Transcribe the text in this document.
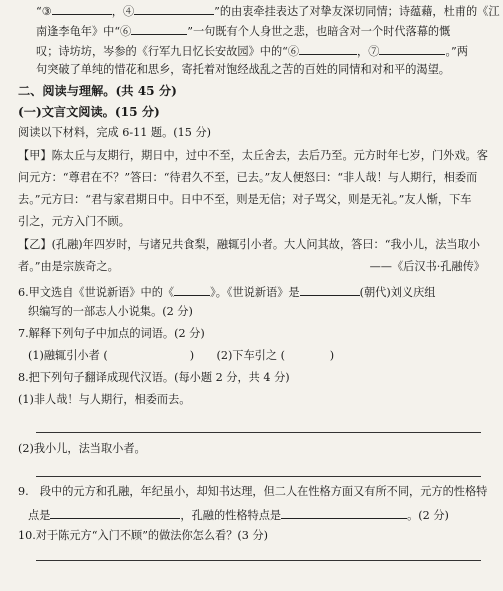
“③	，④	”的由衷牵挂表达了对挚友深切同情；诗蕴藉，杜甫的《江
南逢李龟年》中“⑥	”一句既有个人身世之悲，也暗含对一个时代落幕的慨
叹；诗坊坊，岑参的《行军九日忆长安故园》中的“⑥	，⑦	。”两
句突破了单纯的惜花和思乡，寄托着对饱经战乱之苦的百姓的同情和对和平的渴望。
二、阅读与理解。(共 45 分)
(一)文言文阅读。(15 分)
阅读以下材料，完成 6-11 题。(15 分)
【甲】陈太丘与友期行，期日中，过中不至，太丘舍去，去后乃至。元方时年七岁，门外戏。客
问元方：“尊君在不？”答曰：“待君久不至，已去。”友人便怒曰：“非人哉！与人期行，相委而
去。”元方曰：“君与家君期日中。日中不至，则是无信；对子骂父，则是无礼。”友人惭，下车
引之，元方入门不顾。
【乙】(孔融)年四岁时，与诸兄共食梨，融辄引小者。大人问其故，答曰：“我小儿，法当取小
者。”由是宗族奇之。	——《后汉书·孔融传》
6.甲文选自《世说新语》中的《	》。《世说新语》是	(朝代)刘义庆组
织编写的一部志人小说集。(2 分)
7.解释下列句子中加点的词语。(2 分)
(1)融辄引小者 (	)　　(2)下车引之 (　　　　)
8.把下列句子翻译成现代汉语。(每小题 2 分，共 4 分)
(1)非人哉！与人期行，相委而去。
(2)我小儿，法当取小者。
9.　段中的元方和孔融，年纪虽小，却知书达理，但二人在性格方面又有所不同，元方的性格特
点是	，孔融的性格特点是	。(2 分)
10.对于陈元方“入门不顾”的做法你怎么看？(3 分)
